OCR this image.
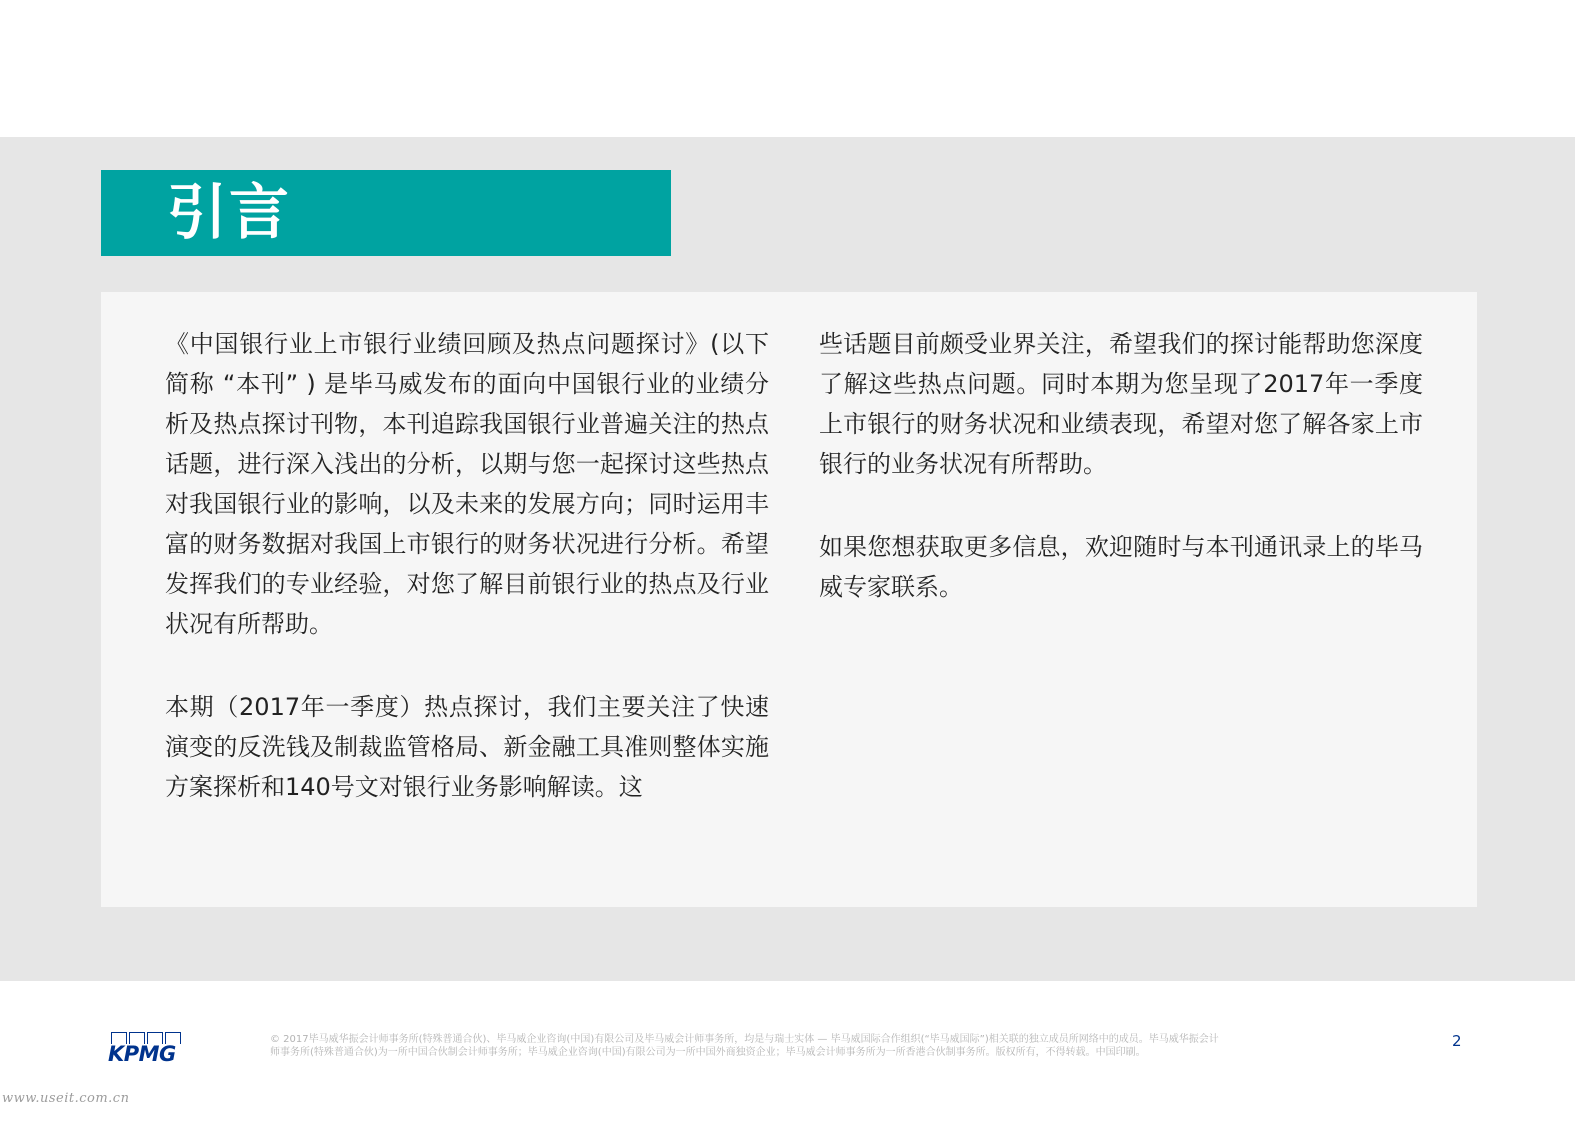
引言

《中国银行业上市银行业绩回顾及热点问题探讨》(以下简称 “本刊” ) 是毕马威发布的面向中国银行业的业绩分析及热点探讨刊物，本刊追踪我国银行业普遍关注的热点话题，进行深入浅出的分析，以期与您一起探讨这些热点对我国银行业的影响，以及未来的发展方向；同时运用丰富的财务数据对我国上市银行的财务状况进行分析。希望发挥我们的专业经验，对您了解目前银行业的热点及行业状况有所帮助。

本期（2017年一季度）热点探讨，我们主要关注了快速演变的反洗钱及制裁监管格局、新金融工具准则整体实施方案探析和140号文对银行业务影响解读。这

些话题目前颇受业界关注，希望我们的探讨能帮助您深度了解这些热点问题。同时本期为您呈现了2017年一季度上市银行的财务状况和业绩表现，希望对您了解各家上市银行的业务状况有所帮助。

如果您想获取更多信息，欢迎随时与本刊通讯录上的毕马威专家联系。

KPMG
© 2017毕马威华振会计师事务所(特殊普通合伙)、毕马威企业咨询(中国)有限公司及毕马威会计师事务所，均是与瑞士实体 — 毕马威国际合作组织(“毕马威国际”)相关联的独立成员所网络中的成员。毕马威华振会计
师事务所(特殊普通合伙)为一所中国合伙制会计师事务所；毕马威企业咨询(中国)有限公司为一所中国外商独资企业；毕马威会计师事务所为一所香港合伙制事务所。版权所有，不得转载。中国印刷。
2
www.useit.com.cn
